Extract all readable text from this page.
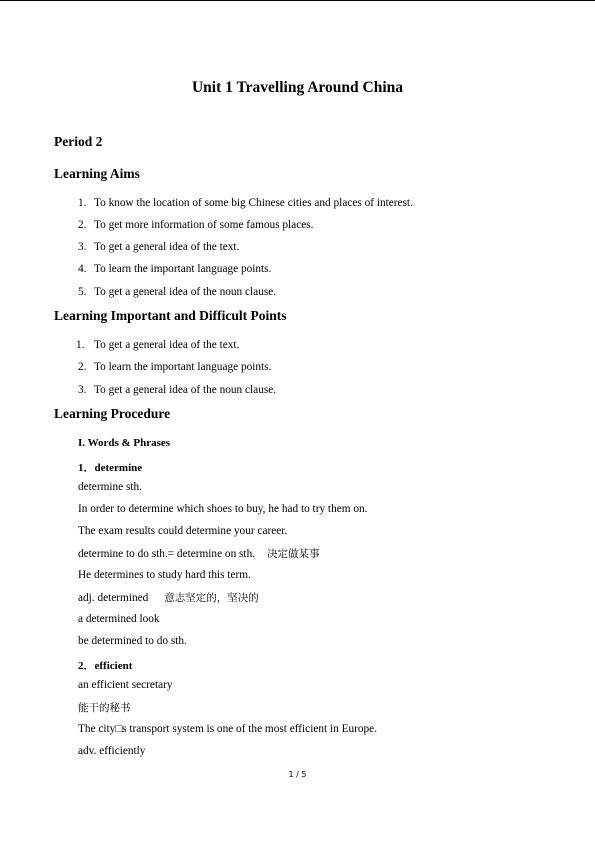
Unit 1 Travelling Around China
Period 2
Learning Aims
1. To know the location of some big Chinese cities and places of interest.
2. To get more information of some famous places.
3. To get a general idea of the text.
4. To learn the important language points.
5. To get a general idea of the noun clause.
Learning Important and Difficult Points
1. To get a general idea of the text.
2. To learn the important language points.
3. To get a general idea of the noun clause.
Learning Procedure
I. Words & Phrases
1．determine
determine sth.
In order to determine which shoes to buy, he had to try them on.
The exam results could determine your career.
determine to do sth.= determine on sth. 决定做某事
He determines to study hard this term.
adj. determined 意志坚定的，坚决的
a determined look
be determined to do sth.
2．efficient
an efficient secretary
能干的秘书
The city□s transport system is one of the most efficient in Europe.
adv. efficiently
1 / 5
